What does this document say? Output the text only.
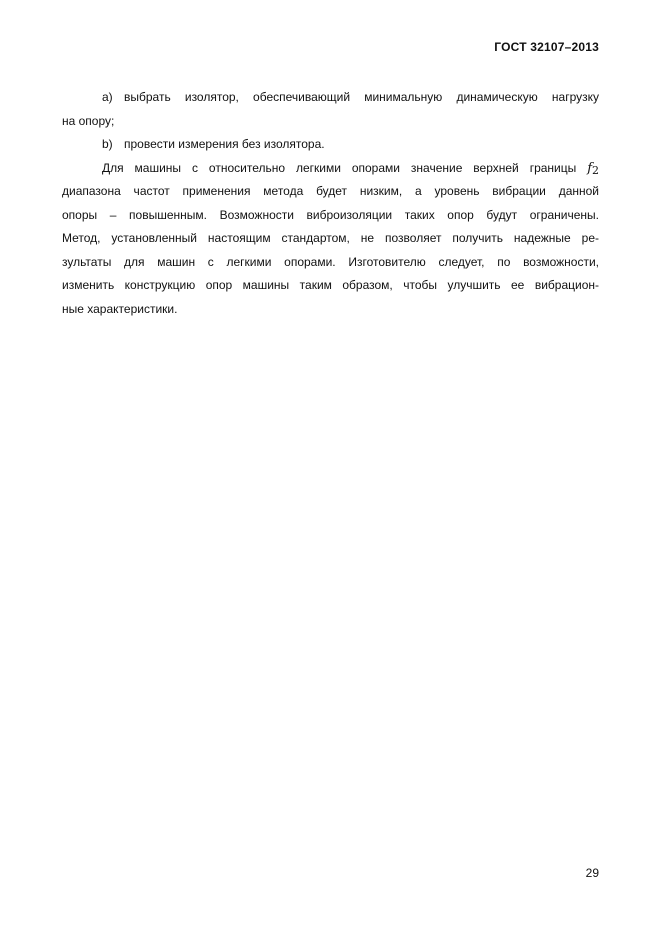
ГОСТ 32107–2013
а) выбрать изолятор, обеспечивающий минимальную динамическую нагрузку
на опору;
b) провести измерения без изолятора.
Для машины с относительно легкими опорами значение верхней границы f2
диапазона частот применения метода будет низким, а уровень вибрации данной
опоры – повышенным. Возможности виброизоляции таких опор будут ограничены.
Метод, установленный настоящим стандартом, не позволяет получить надежные ре-
зультаты для машин с легкими опорами. Изготовителю следует, по возможности,
изменить конструкцию опор машины таким образом, чтобы улучшить ее вибрацион-
ные характеристики.
29
